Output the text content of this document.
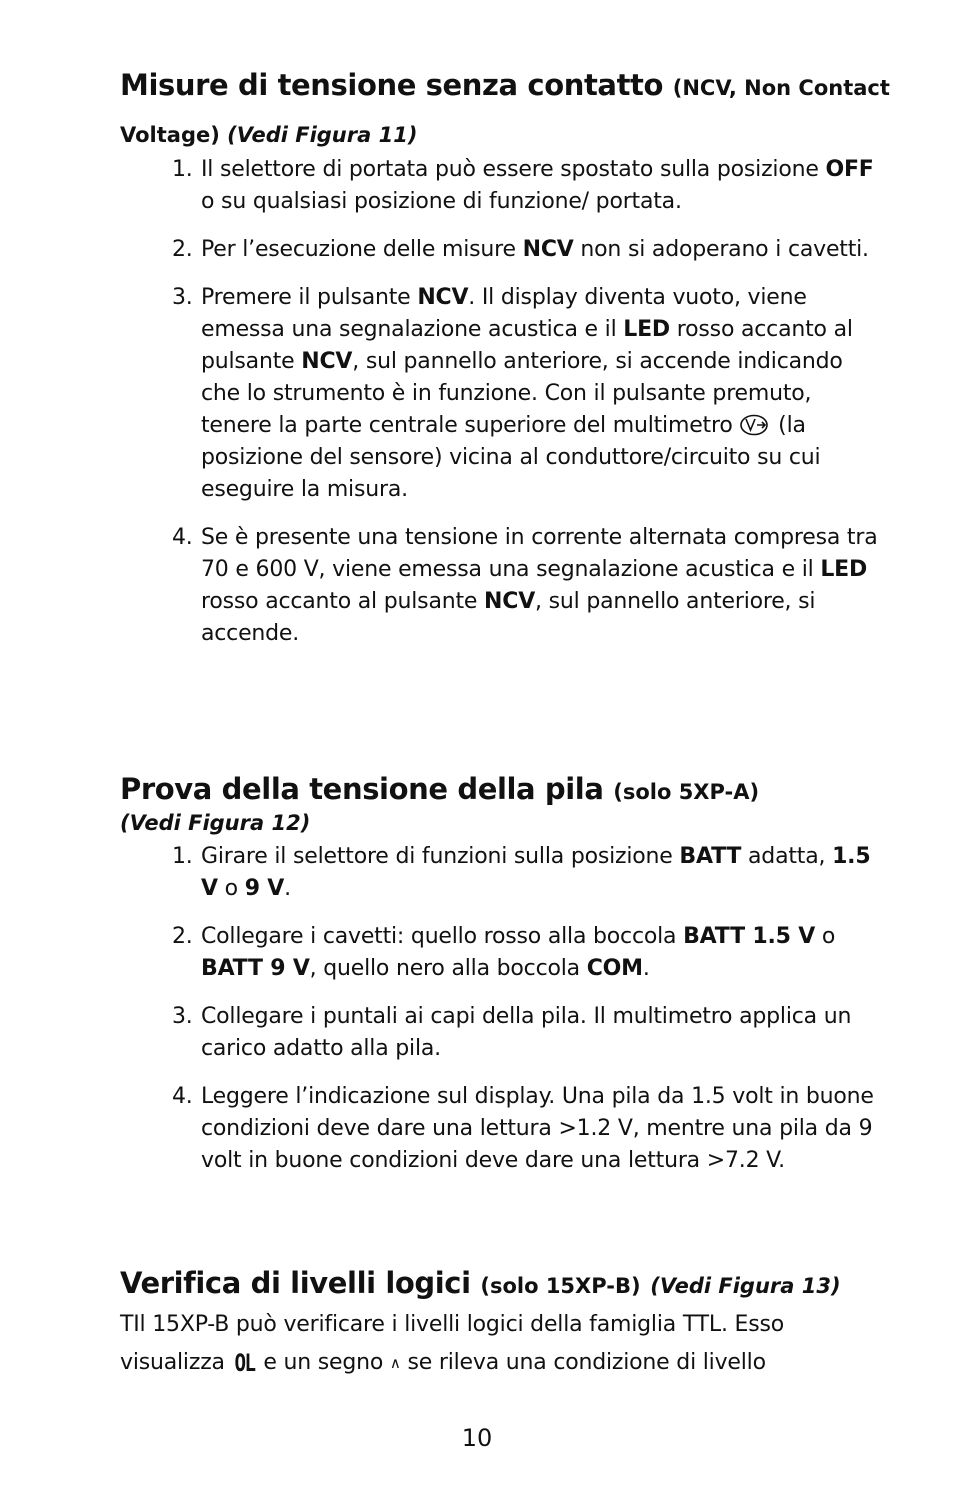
Misure di tensione senza contatto (NCV, Non Contact

Voltage) (Vedi Figura 11)

1. Il selettore di portata può essere spostato sulla posizione OFF o su qualsiasi posizione di funzione/ portata.
2. Per l’esecuzione delle misure NCV non si adoperano i cavetti.
3. Premere il pulsante NCV. Il display diventa vuoto, viene emessa una segnalazione acustica e il LED rosso accanto al pulsante NCV, sul pannello anteriore, si accende indicando che lo strumento è in funzione. Con il pulsante premuto, tenere la parte centrale superiore del multimetro  (la posizione del sensore) vicina al conduttore/circuito su cui eseguire la misura.
4. Se è presente una tensione in corrente alternata compresa tra 70 e 600 V, viene emessa una segnalazione acustica e il LED rosso accanto al pulsante NCV, sul pannello anteriore, si accende.
Prova della tensione della pila (solo 5XP-A)

(Vedi Figura 12)

1. Girare il selettore di funzioni sulla posizione BATT adatta, 1.5 V o 9 V.
2. Collegare i cavetti: quello rosso alla boccola BATT 1.5 V o BATT 9 V, quello nero alla boccola COM.
3. Collegare i puntali ai capi della pila. Il multimetro applica un carico adatto alla pila.
4. Leggere l’indicazione sul display. Una pila da 1.5 volt in buone condizioni deve dare una lettura >1.2 V, mentre una pila da 9 volt in buone condizioni deve dare una lettura >7.2 V.
Verifica di livelli logici (solo 15XP-B) (Vedi Figura 13)

TIl 15XP-B può verificare i livelli logici della famiglia TTL. Esso visualizza OL e un segno ∧ se rileva una condizione di livello

10
